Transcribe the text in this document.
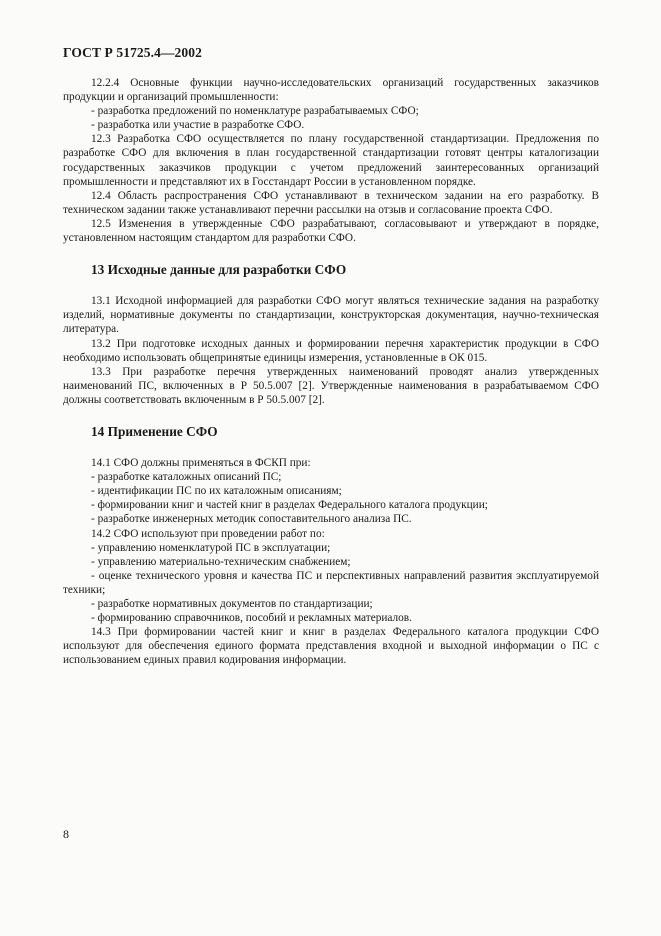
ГОСТ Р 51725.4—2002

12.2.4 Основные функции научно-исследовательских организаций государственных заказчиков продукции и организаций промышленности:

- разработка предложений по номенклатуре разрабатываемых СФО;

- разработка или участие в разработке СФО.

12.3 Разработка СФО осуществляется по плану государственной стандартизации. Предложения по разработке СФО для включения в план государственной стандартизации готовят центры каталогизации государственных заказчиков продукции с учетом предложений заинтересованных организаций промышленности и представляют их в Госстандарт России в установленном порядке.

12.4 Область распространения СФО устанавливают в техническом задании на его разработку. В техническом задании также устанавливают перечни рассылки на отзыв и согласование проекта СФО.

12.5 Изменения в утвержденные СФО разрабатывают, согласовывают и утверждают в порядке, установленном настоящим стандартом для разработки СФО.

13 Исходные данные для разработки СФО

13.1 Исходной информацией для разработки СФО могут являться технические задания на разработку изделий, нормативные документы по стандартизации, конструкторская документация, научно-техническая литература.

13.2 При подготовке исходных данных и формировании перечня характеристик продукции в СФО необходимо использовать общепринятые единицы измерения, установленные в ОК 015.

13.3 При разработке перечня утвержденных наименований проводят анализ утвержденных наименований ПС, включенных в Р 50.5.007 [2]. Утвержденные наименования в разрабатываемом СФО должны соответствовать включенным в Р 50.5.007 [2].

14 Применение СФО

14.1 СФО должны применяться в ФСКП при:

- разработке каталожных описаний ПС;

- идентификации ПС по их каталожным описаниям;

- формировании книг и частей книг в разделах Федерального каталога продукции;

- разработке инженерных методик сопоставительного анализа ПС.

14.2 СФО используют при проведении работ по:

- управлению номенклатурой ПС в эксплуатации;

- управлению материально-техническим снабжением;

- оценке технического уровня и качества ПС и перспективных направлений развития эксплуатируемой техники;

- разработке нормативных документов по стандартизации;

- формированию справочников, пособий и рекламных материалов.

14.3 При формировании частей книг и книг в разделах Федерального каталога продукции СФО используют для обеспечения единого формата представления входной и выходной информации о ПС с использованием единых правил кодирования информации.

8
